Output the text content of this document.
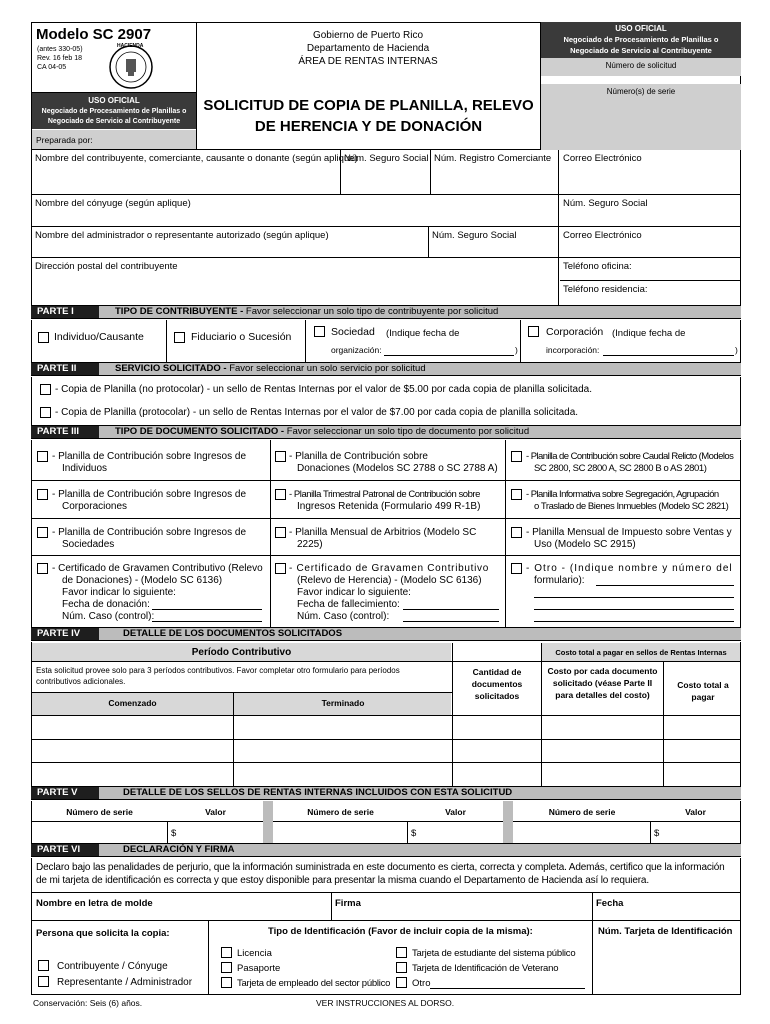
Modelo SC 2907
(antes 330-05)
Rev. 16 feb 18
CA 04-05
HACIENDA
Gobierno de Puerto Rico
Departamento de Hacienda
ÁREA DE RENTAS INTERNAS
USO OFICIAL
Negociado de Procesamiento de Planillas o
Negociado de Servicio al Contribuyente
Número de solicitud
Número(s) de serie
USO OFICIAL
Negociado de Procesamiento de Planillas o
Negociado de Servicio al Contribuyente
Preparada por:
SOLICITUD DE COPIA DE PLANILLA, RELEVO
DE HERENCIA Y DE DONACIÓN
Nombre del contribuyente, comerciante, causante o donante (según aplique)
Núm. Seguro Social Núm. Registro Comerciante Correo Electrónico
Nombre del cónyuge (según aplique)	Núm. Seguro Social
Nombre del administrador o representante autorizado (según aplique)	Núm. Seguro Social	Correo Electrónico
Dirección postal del contribuyente	Teléfono oficina:
Teléfono residencia:
PARTE I	TIPO DE CONTRIBUYENTE - Favor seleccionar un solo tipo de contribuyente por solicitud
Individuo/Causante	Fiduciario o Sucesión	Sociedad (Indique fecha de
organización:	)
Corporación (Indique fecha de
incorporación:	)
PARTE II	SERVICIO SOLICITADO - Favor seleccionar un solo servicio por solicitud
- Copia de Planilla (no protocolar) - un sello de Rentas Internas por el valor de $5.00 por cada copia de planilla solicitada.
- Copia de Planilla (protocolar) - un sello de Rentas Internas por el valor de $7.00 por cada copia de planilla solicitada.
PARTE III	TIPO DE DOCUMENTO SOLICITADO - Favor seleccionar un solo tipo de documento por solicitud
- Planilla de Contribución sobre Ingresos de
Individuos
- Planilla de Contribución sobre
Donaciones (Modelos SC 2788 o SC 2788 A)
- Planilla de Contribución sobre Caudal Relicto (Modelos
SC 2800, SC 2800 A, SC 2800 B o AS 2801)
- Planilla de Contribución sobre Ingresos de
Corporaciones
- Planilla Trimestral Patronal de Contribución sobre
Ingresos Retenida (Formulario 499 R-1B)
- Planilla Informativa sobre Segregación, Agrupación
o Traslado de Bienes Inmuebles (Modelo SC 2821)
- Planilla de Contribución sobre Ingresos de
Sociedades
- Planilla Mensual de Arbitrios (Modelo SC
2225)
- Planilla Mensual de Impuesto sobre Ventas y
Uso (Modelo SC 2915)
- Certificado de Gravamen Contributivo (Relevo
de Donaciones) - (Modelo SC 6136)
Favor indicar lo siguiente:
Fecha de donación:
Núm. Caso (control):
- Certificado de Gravamen Contributivo
(Relevo de Herencia) - (Modelo SC 6136)
Favor indicar lo siguiente:
Fecha de fallecimiento:
Núm. Caso (control):
- Otro - (Indique nombre y número del
formulario):
PARTE IV	DETALLE DE LOS DOCUMENTOS SOLICITADOS
Período Contributivo	Costo total a pagar en sellos de Rentas Internas
Esta solicitud provee solo para 3 períodos contributivos. Favor completar otro formulario para períodos contributivos adicionales.
Comenzado	Terminado
Cantidad de documentos solicitados
Costo por cada documento solicitado (véase Parte II para detalles del costo)
Costo total a pagar
PARTE V	DETALLE DE LOS SELLOS DE RENTAS INTERNAS INCLUIDOS CON ESTA SOLICITUD
Número de serie	Valor	Número de serie	Valor	Número de serie	Valor
$	$	$
PARTE VI	DECLARACIÓN Y FIRMA
Declaro bajo las penalidades de perjurio, que la información suministrada en este documento es cierta, correcta y completa. Además, certifico que la información de mi tarjeta de identificación es correcta y que estoy disponible para presentar la misma cuando el Departamento de Hacienda así lo requiera.
Nombre en letra de molde	Firma	Fecha
Persona que solicita la copia:	Tipo de Identificación (Favor de incluir copia de la misma):	Núm. Tarjeta de Identificación
Contribuyente / Cónyuge
Representante / Administrador
Licencia
Pasaporte
Tarjeta de empleado del sector público
Tarjeta de estudiante del sistema público
Tarjeta de Identificación de Veterano
Otro
Conservación: Seis (6) años.	VER INSTRUCCIONES AL DORSO.
